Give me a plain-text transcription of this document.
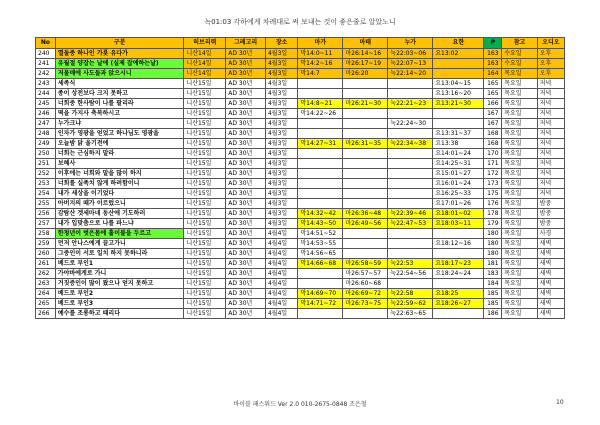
녹01:03 각하에게 차례대로 써 보내는 것이 좋은줄로 알았노니
No	구분	히브리력	그레고리	장소	마가	마태	누가	요한	P	참고	오디오
240	열둘중 하나인 가룟 유다가	니산14일	AD 30년	4월3일	막14:0~11	마26:14~16	눅22:03~06	요13:02	163	수요일	오후
241	유월절 양잡는 날에 (실제 잡에하는날)	니산14일	AD 30년	4월3일	막14:2~16	마26:17~19	눅22:07~13		163	수요일	오후
242	저물매에 사도들과 앉으시니	니산14일	AD 30년	4월3일	막14:7	마26:20	눅22:14~20		164	목요일	오후
243	세족식	니산15일	AD 30년	4월3일				요13:04~15	165	목요일	저녁
244	종이 상전보다 크지 못하고	니산15일	AD 30년	4월3일				요13:16~20	165	목요일	저녁
245	너희중 한사람이 나를 팔리라	니산15일	AD 30년	4월3일	막14:8~21	마26:21~30	눅22:21~23	요13:21~30	166	목요일	저녁
246	떡을 가지사 축복하시고	니산15일	AD 30년	4월3일	막14:22~26				167	목요일	저녁
247	누가크냐	니산15일	AD 30년	4월3일			눅22:24~30		167	목요일	저녁
248	인자가 영광을 얻었고 하나님도 영광을	니산15일	AD 30년	4월3일				요13:31~37	168	목요일	저녁
249	오늘밤 닭 울기전에	니산15일	AD 30년	4월3일	막14:27~31	마26:31~35	눅22:34~38	요13:38	168	목요일	저녁
250	너희는 근심하지 말라	니산15일	AD 30년	4월3일				요14:01~24	170	목요일	저녁
251	보혜사	니산15일	AD 30년	4월3일				요14:25~31	171	목요일	저녁
252	이후에는 너희와 말을 많이 하지	니산15일	AD 30년	4월3일				요15:01~27	172	목요일	저녁
253	너희를 실족치 않게 하려함이니	니산15일	AD 30년	4월3일				요16:01~24	173	목요일	저녁
254	내가 세상을 이기었다	니산15일	AD 30년	4월3일				요16:25~33	175	목요일	저녁
255	아버지의 때가 이르렀으니	니산15일	AD 30년	4월3일				요17:01~26	176	목요일	밤중
256	감람산 겟세마네 동산에 기도하러	니산15일	AD 30년	4월3일	막14:32~42	마26:36~48	눅22:39~46	요18:01~02	178	목요일	밤중
257	내가 입맞춤으로 나를 파느냐	니산15일	AD 30년	4월3일	막14:43~50	마26:49~56	눅22:47~53	요18:03~11	179	목요일	밤중
258	한청년이 벗은몸에 홑이불을 두르고	니산15일	AD 30년	4월4일	막14:51~52				180	목요일	사경
259	먼저 안나스에게 끌고가니	니산15일	AD 30년	4월4일	막14:53~55			요18:12~16	180	목요일	새벽
260	그중인이 서로 일치 하지 못하니라	니산15일	AD 30년	4월4일	막14:56~65				180	목요일	새벽
261	베드로 부인1	니산15일	AD 30년	4월4일	막14:66~68	마26:58~59	눅22:53	요18:17~23	181	목요일	새벽
262	가야바에게로 가니	니산15일	AD 30년	4월4일		마26:57~57	눅22:54~56	요18:24~24	183	목요일	새벽
263	거짓증인이 많이 왔으나 얻지 못하고	니산15일	AD 30년	4월4일		마26:60~68			184	목요일	새벽
264	베드로 부인2	니산15일	AD 30년	4월4일	막14:69~70	마26:69~72	눅22:58	요18:25	185	목요일	새벽
265	베드로 부인3	니산15일	AD 30년	4월4일	막14:71~72	마26:73~75	눅22:59~62	요18:26~27	185	목요일	새벽
266	예수를 조롱하고 때리다	니산15일	AD 30년	4월4일			눅22:63~65		186	목요일	새벽
바이블 패스워드 Ver 2.0 010-2675-0848 조은철	10
